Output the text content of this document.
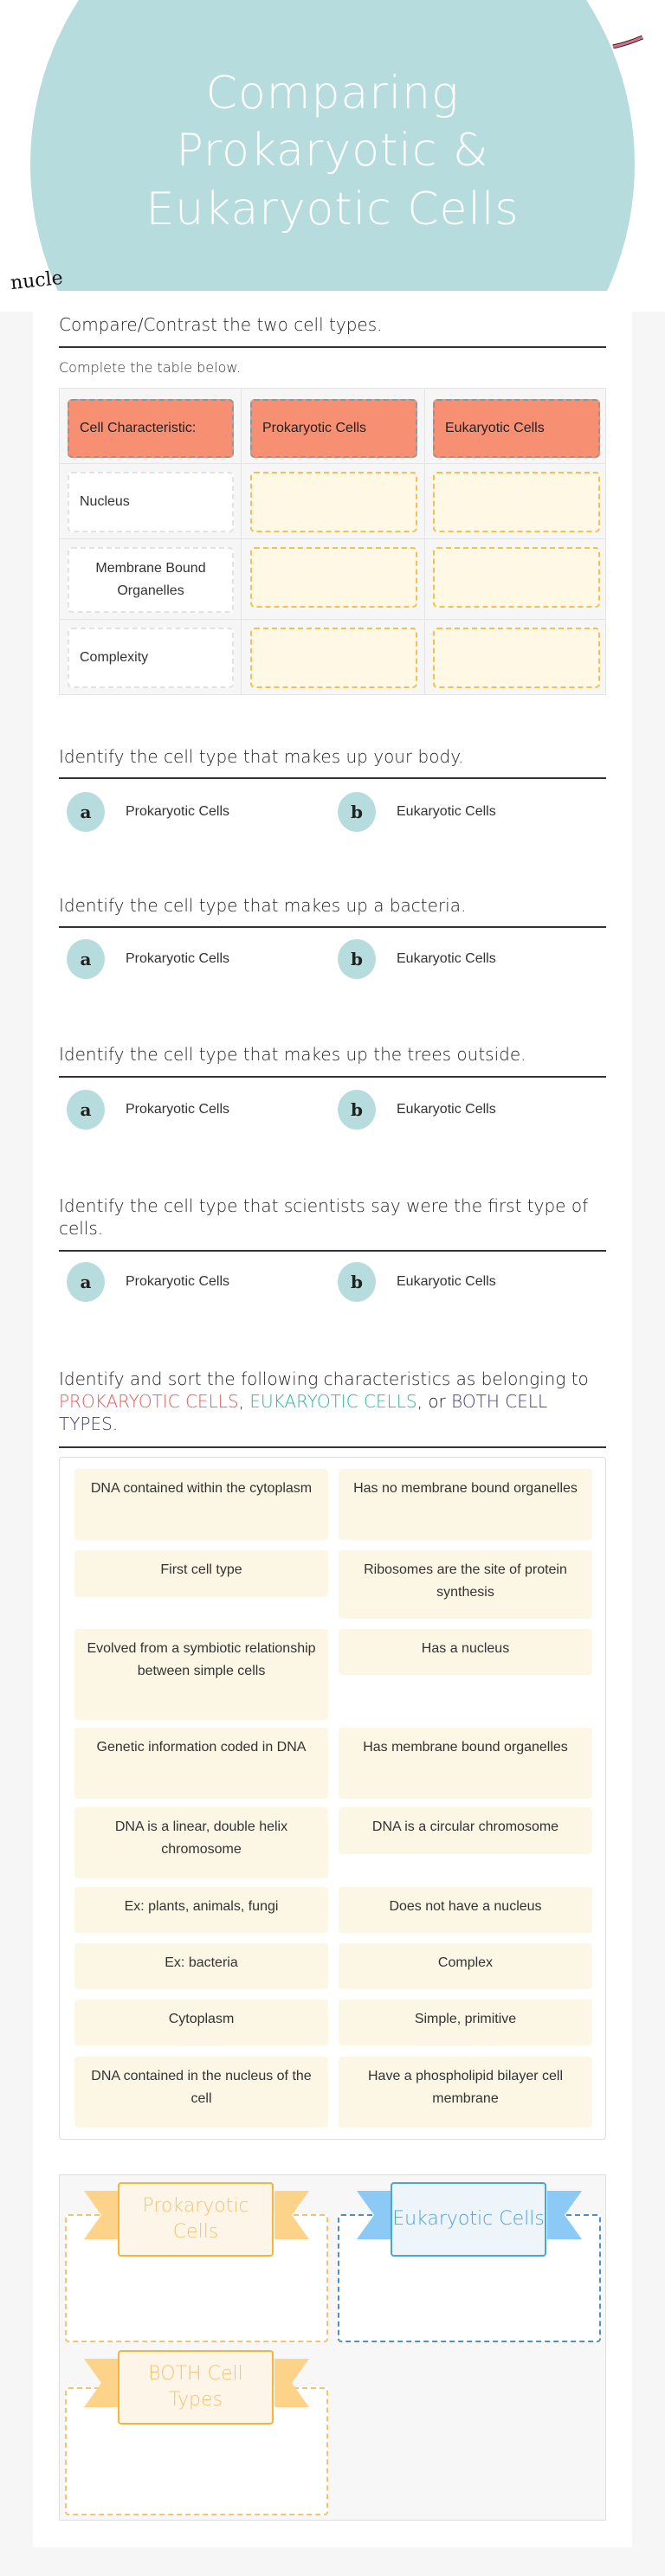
Comparing
Prokaryotic &
Eukaryotic Cells
nucle
Compare/Contrast the two cell types.
Complete the table below.
Cell Characteristic:	Prokaryotic Cells	Eukaryotic Cells
Nucleus
Membrane Bound Organelles
Complexity
Identify the cell type that makes up your body.
a	Prokaryotic Cells	b	Eukaryotic Cells
Identify the cell type that makes up a bacteria.
a	Prokaryotic Cells	b	Eukaryotic Cells
Identify the cell type that makes up the trees outside.
a	Prokaryotic Cells	b	Eukaryotic Cells
Identify the cell type that scientists say were the first type of cells.
a	Prokaryotic Cells	b	Eukaryotic Cells
Identify and sort the following characteristics as belonging to PROKARYOTIC CELLS, EUKARYOTIC CELLS, or BOTH CELL TYPES.
DNA contained within the cytoplasm	Has no membrane bound organelles
First cell type	Ribosomes are the site of protein synthesis
Evolved from a symbiotic relationship between simple cells
Has a nucleus
Genetic information coded in DNA	Has membrane bound organelles
DNA is a linear, double helix chromosome
DNA is a circular chromosome
Ex: plants, animals, fungi	Does not have a nucleus
Ex: bacteria	Complex
Cytoplasm	Simple, primitive
DNA contained in the nucleus of the cell
Have a phospholipid bilayer cell membrane
Prokaryotic Cells
Eukaryotic Cells
BOTH Cell Types
